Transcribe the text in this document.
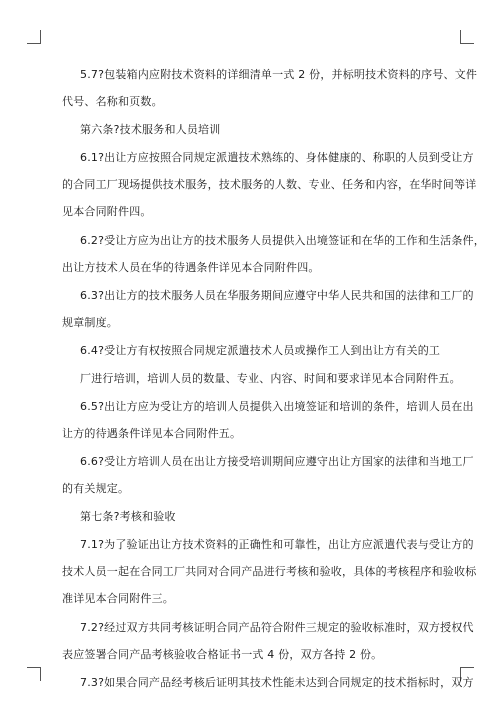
5.7?包装箱内应附技术资料的详细清单一式 2 份，并标明技术资料的序号、文件
代号、名称和页数。
第六条?技术服务和人员培训
6.1?出让方应按照合同规定派遣技术熟练的、身体健康的、称职的人员到受让方
的合同工厂现场提供技术服务，技术服务的人数、专业、任务和内容，在华时间等详
见本合同附件四。
6.2?受让方应为出让方的技术服务人员提供入出境签证和在华的工作和生活条件，
出让方技术人员在华的待遇条件详见本合同附件四。
6.3?出让方的技术服务人员在华服务期间应遵守中华人民共和国的法律和工厂的
规章制度。
6.4?受让方有权按照合同规定派遣技术人员或操作工人到出让方有关的工
厂进行培训，培训人员的数量、专业、内容、时间和要求详见本合同附件五。
6.5?出让方应为受让方的培训人员提供入出境签证和培训的条件，培训人员在出
让方的待遇条件详见本合同附件五。
6.6?受让方培训人员在出让方接受培训期间应遵守出让方国家的法律和当地工厂
的有关规定。
第七条?考核和验收
7.1?为了验证出让方技术资料的正确性和可靠性，出让方应派遣代表与受让方的
技术人员一起在合同工厂共同对合同产品进行考核和验收，具体的考核程序和验收标
准详见本合同附件三。
7.2?经过双方共同考核证明合同产品符合附件三规定的验收标准时，双方授权代
表应签署合同产品考核验收合格证书一式 4 份，双方各持 2 份。
7.3?如果合同产品经考核后证明其技术性能未达到合同规定的技术指标时，双方
